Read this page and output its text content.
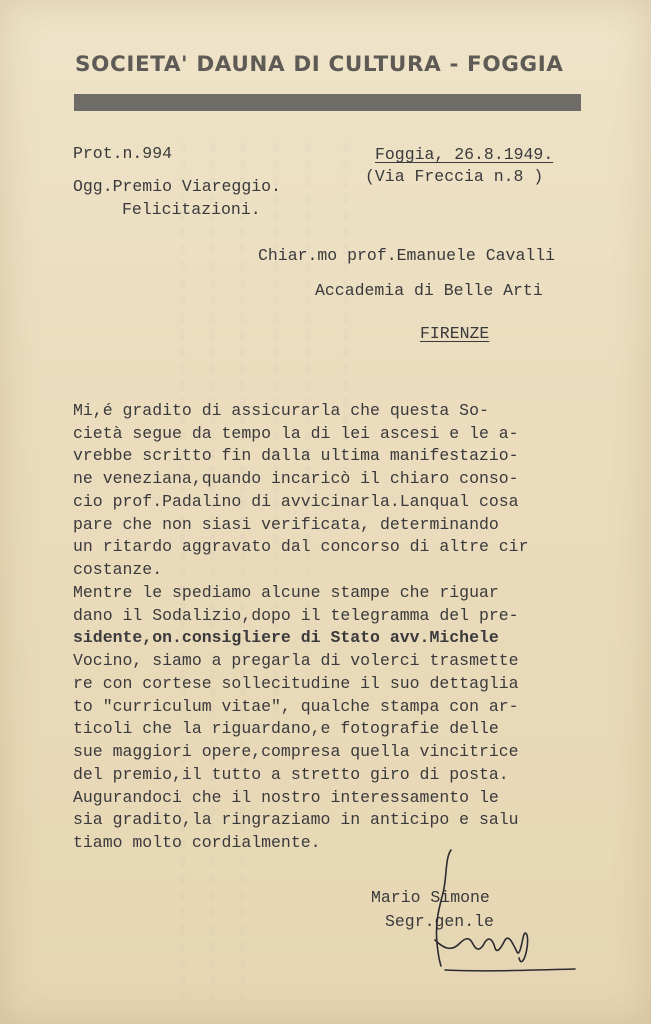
▯▯▯▯▯▯▯▯▯▯▯▯▯▯▯▯▯▯▯▯▯▯▯▯▯▯▯▯▯▯▯▯▯▯▯▯▯▯▯▯▯▯▯▯▯▯▯▯▯▯▯ ▯▯▯▯▯▯▯▯▯▯▯▯▯▯▯▯▯▯▯▯▯▯▯▯▯▯▯▯▯▯▯▯▯▯▯▯▯▯▯▯▯▯▯▯▯▯▯▯▯▯▯ ▯▯▯▯▯▯▯▯▯▯▯▯▯▯▯▯▯▯▯▯▯▯▯▯▯▯▯▯▯▯▯▯▯▯▯▯▯▯▯▯▯▯▯▯▯▯▯▯▯▯▯ ▯▯▯▯▯▯▯▯▯▯▯▯▯▯▯▯▯▯▯▯▯▯▯▯▯▯▯▯▯▯▯▯▯▯ ▯▯▯▯▯▯▯▯▯▯▯▯▯▯▯▯▯▯▯▯▯▯▯▯▯▯▯▯▯▯▯ ▯▯▯▯▯▯▯▯▯▯▯▯▯▯▯▯▯▯▯▯
SOCIETA' DAUNA DI CULTURA - FOGGIA
Prot.n.994	Foggia, 26.8.1949.
(Via Freccia n.8 )
Ogg.Premio Viareggio.
Felicitazioni.
Chiar.mo prof.Emanuele Cavalli
Accademia di Belle Arti
FIRENZE
Mi,é gradito di assicurarla che questa So-
cietà segue da tempo la di lei ascesi e le a-
vrebbe scritto fin dalla ultima manifestazio-
ne veneziana,quando incaricò il chiaro conso-
cio prof.Padalino di avvicinarla.Lanqual cosa
pare che non siasi verificata, determinando
un ritardo aggravato dal concorso di altre cir
costanze.
Mentre le spediamo alcune stampe che riguar
dano il Sodalizio,dopo il telegramma del pre-
sidente,on.consigliere di Stato avv.Michele
Vocino, siamo a pregarla di volerci trasmette
re con cortese sollecitudine il suo dettaglia
to "curriculum vitae", qualche stampa con ar-
ticoli che la riguardano,e fotografie delle
sue maggiori opere,compresa quella vincitrice
del premio,il tutto a stretto giro di posta.
Augurandoci che il nostro interessamento le
sia gradito,la ringraziamo in anticipo e salu
tiamo molto cordialmente.
Mario Simone
Segr.gen.le
